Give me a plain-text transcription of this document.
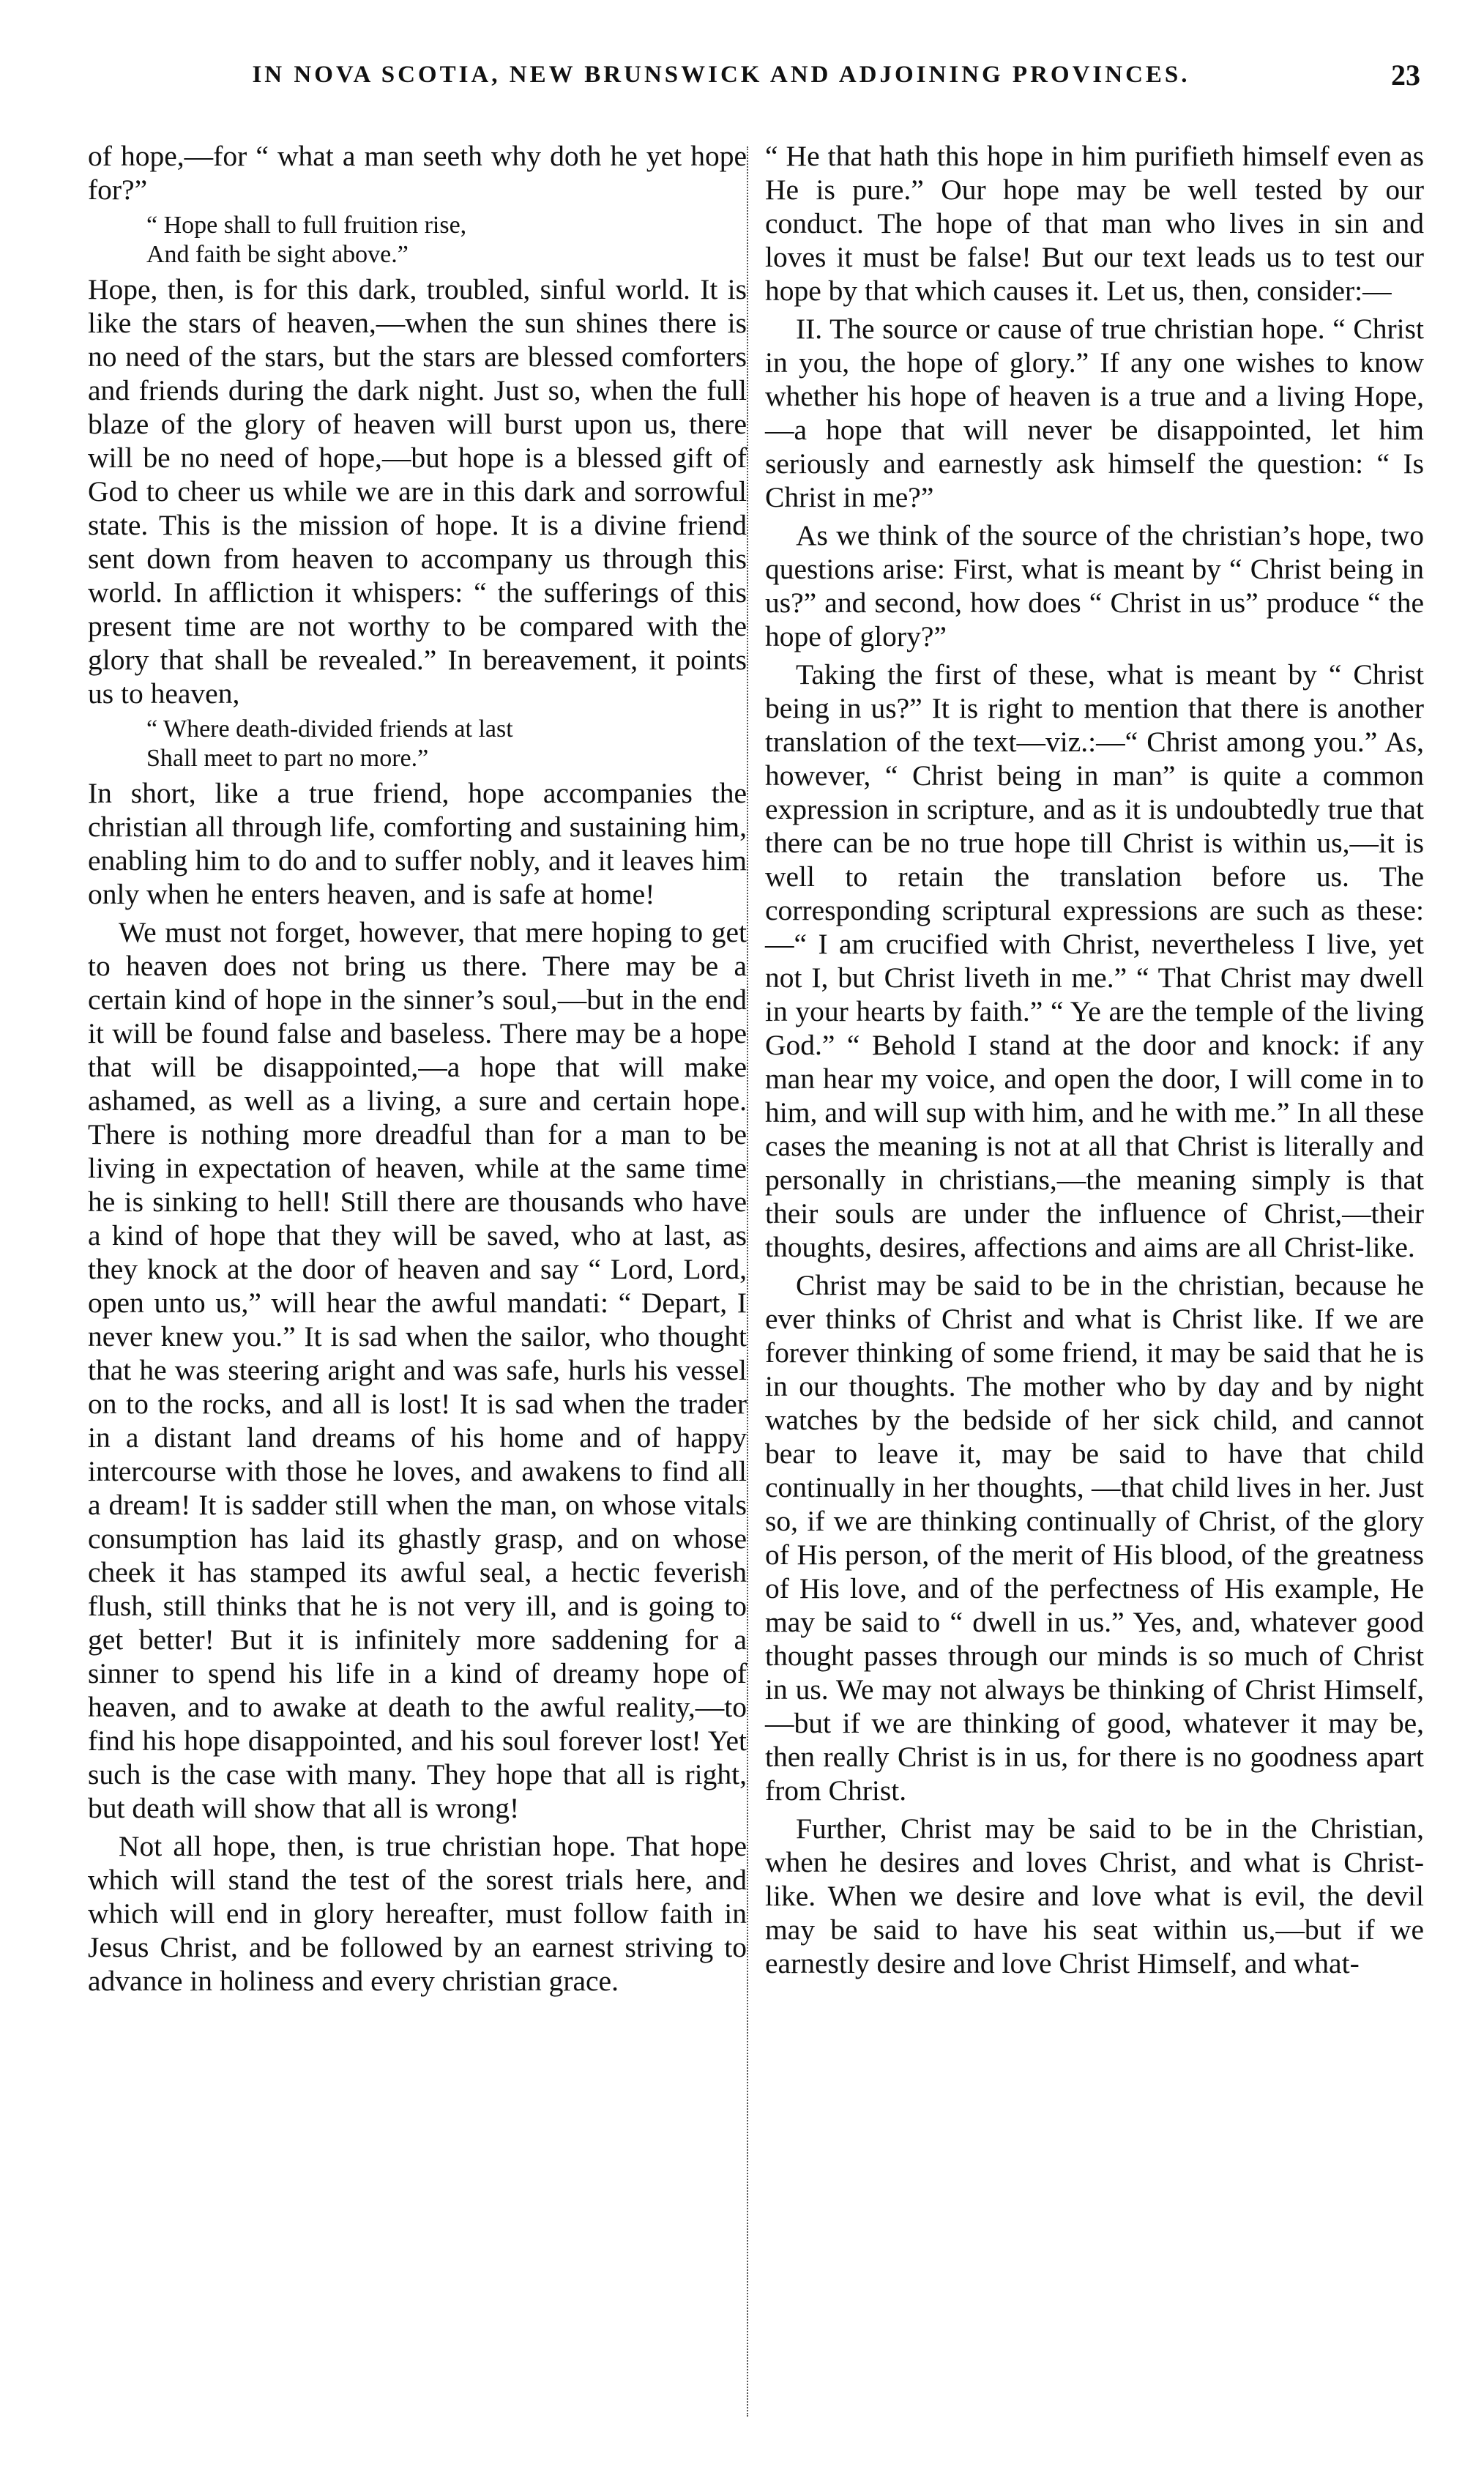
IN NOVA SCOTIA, NEW BRUNSWICK AND ADJOINING PROVINCES.	23

of hope,—for “ what a man seeth why doth he yet hope for?”

“ Hope shall to full fruition rise,
And faith be sight above.”

Hope, then, is for this dark, troubled, sinful world. It is like the stars of heaven,—when the sun shines there is no need of the stars, but the stars are blessed comforters and friends during the dark night. Just so, when the full blaze of the glory of heaven will burst upon us, there will be no need of hope,—but hope is a blessed gift of God to cheer us while we are in this dark and sorrowful state. This is the mission of hope. It is a divine friend sent down from heaven to accompany us through this world. In affliction it whispers: “ the sufferings of this present time are not worthy to be compared with the glory that shall be revealed.” In bereavement, it points us to heaven,

“ Where death-divided friends at last
Shall meet to part no more.”

In short, like a true friend, hope accompanies the christian all through life, comforting and sustaining him, enabling him to do and to suffer nobly, and it leaves him only when he enters heaven, and is safe at home!

We must not forget, however, that mere hoping to get to heaven does not bring us there. There may be a certain kind of hope in the sinner’s soul,—but in the end it will be found false and baseless. There may be a hope that will be disappointed,—a hope that will make ashamed, as well as a living, a sure and certain hope. There is nothing more dreadful than for a man to be living in expectation of heaven, while at the same time he is sinking to hell! Still there are thousands who have a kind of hope that they will be saved, who at last, as they knock at the door of heaven and say “ Lord, Lord, open unto us,” will hear the awful mandati: “ Depart, I never knew you.” It is sad when the sailor, who thought that he was steering aright and was safe, hurls his vessel on to the rocks, and all is lost! It is sad when the trader in a distant land dreams of his home and of happy intercourse with those he loves, and awakens to find all a dream! It is sadder still when the man, on whose vitals consumption has laid its ghastly grasp, and on whose cheek it has stamped its awful seal, a hectic feverish flush, still thinks that he is not very ill, and is going to get better! But it is infinitely more saddening for a sinner to spend his life in a kind of dreamy hope of heaven, and to awake at death to the awful reality,—to find his hope disappointed, and his soul forever lost! Yet such is the case with many. They hope that all is right, but death will show that all is wrong!

Not all hope, then, is true christian hope. That hope which will stand the test of the sorest trials here, and which will end in glory hereafter, must follow faith in Jesus Christ, and be followed by an earnest striving to advance in holiness and every christian grace.

“ He that hath this hope in him purifieth himself even as He is pure.” Our hope may be well tested by our conduct. The hope of that man who lives in sin and loves it must be false! But our text leads us to test our hope by that which causes it. Let us, then, consider:—

II. The source or cause of true christian hope. “ Christ in you, the hope of glory.” If any one wishes to know whether his hope of heaven is a true and a living Hope,—a hope that will never be disappointed, let him seriously and earnestly ask himself the question: “ Is Christ in me?”

As we think of the source of the christian’s hope, two questions arise: First, what is meant by “ Christ being in us?” and second, how does “ Christ in us” produce “ the hope of glory?”

Taking the first of these, what is meant by “ Christ being in us?” It is right to mention that there is another translation of the text—viz.:—“ Christ among you.” As, however, “ Christ being in man” is quite a common expression in scripture, and as it is undoubtedly true that there can be no true hope till Christ is within us,—it is well to retain the translation before us. The corresponding scriptural expressions are such as these:—“ I am crucified with Christ, nevertheless I live, yet not I, but Christ liveth in me.” “ That Christ may dwell in your hearts by faith.” “ Ye are the temple of the living God.” “ Behold I stand at the door and knock: if any man hear my voice, and open the door, I will come in to him, and will sup with him, and he with me.” In all these cases the meaning is not at all that Christ is literally and personally in christians,—the meaning simply is that their souls are under the influence of Christ,—their thoughts, desires, affections and aims are all Christ-like.

Christ may be said to be in the christian, because he ever thinks of Christ and what is Christ like. If we are forever thinking of some friend, it may be said that he is in our thoughts. The mother who by day and by night watches by the bedside of her sick child, and cannot bear to leave it, may be said to have that child continually in her thoughts, —that child lives in her. Just so, if we are thinking continually of Christ, of the glory of His person, of the merit of His blood, of the greatness of His love, and of the perfectness of His example, He may be said to “ dwell in us.” Yes, and, whatever good thought passes through our minds is so much of Christ in us. We may not always be thinking of Christ Himself,—but if we are thinking of good, whatever it may be, then really Christ is in us, for there is no goodness apart from Christ.

Further, Christ may be said to be in the Christian, when he desires and loves Christ, and what is Christ-like. When we desire and love what is evil, the devil may be said to have his seat within us,—but if we earnestly desire and love Christ Himself, and what-
